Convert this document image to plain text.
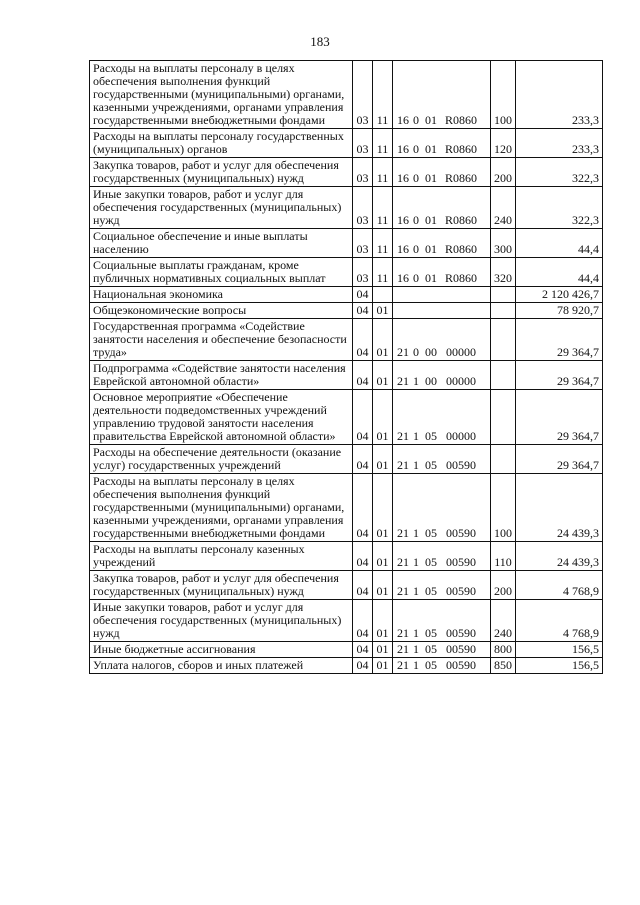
183
Расходы на выплаты персоналу в целях обеспечения выполнения функций государственными (муниципальными) органами, казенными учреждениями, органами управления государственными внебюджетными фондами	03	11	16 0 01 R0860	100	233,3
Расходы на выплаты персоналу государственных (муниципальных) органов	03	11	16 0 01 R0860	120	233,3
Закупка товаров, работ и услуг для обеспечения государственных (муниципальных) нужд	03	11	16 0 01 R0860	200	322,3
Иные закупки товаров, работ и услуг для обеспечения государственных (муниципальных) нужд	03	11	16 0 01 R0860	240	322,3
Социальное обеспечение и иные выплаты населению	03	11	16 0 01 R0860	300	44,4
Социальные выплаты гражданам, кроме публичных нормативных социальных выплат	03	11	16 0 01 R0860	320	44,4
Национальная экономика	04				2 120 426,7
Общеэкономические вопросы	04	01			78 920,7
Государственная программа «Содействие занятости населения и обеспечение безопасности труда»	04	01	21 0 00 00000		29 364,7
Подпрограмма «Содействие занятости населения Еврейской автономной области»	04	01	21 1 00 00000		29 364,7
Основное мероприятие «Обеспечение деятельности подведомственных учреждений управлению трудовой занятости населения правительства Еврейской автономной области»	04	01	21 1 05 00000		29 364,7
Расходы на обеспечение деятельности (оказание услуг) государственных учреждений	04	01	21 1 05 00590		29 364,7
Расходы на выплаты персоналу в целях обеспечения выполнения функций государственными (муниципальными) органами, казенными учреждениями, органами управления государственными внебюджетными фондами	04	01	21 1 05 00590	100	24 439,3
Расходы на выплаты персоналу казенных учреждений	04	01	21 1 05 00590	110	24 439,3
Закупка товаров, работ и услуг для обеспечения государственных (муниципальных) нужд	04	01	21 1 05 00590	200	4 768,9
Иные закупки товаров, работ и услуг для обеспечения государственных (муниципальных) нужд	04	01	21 1 05 00590	240	4 768,9
Иные бюджетные ассигнования	04	01	21 1 05 00590	800	156,5
Уплата налогов, сборов и иных платежей	04	01	21 1 05 00590	850	156,5
